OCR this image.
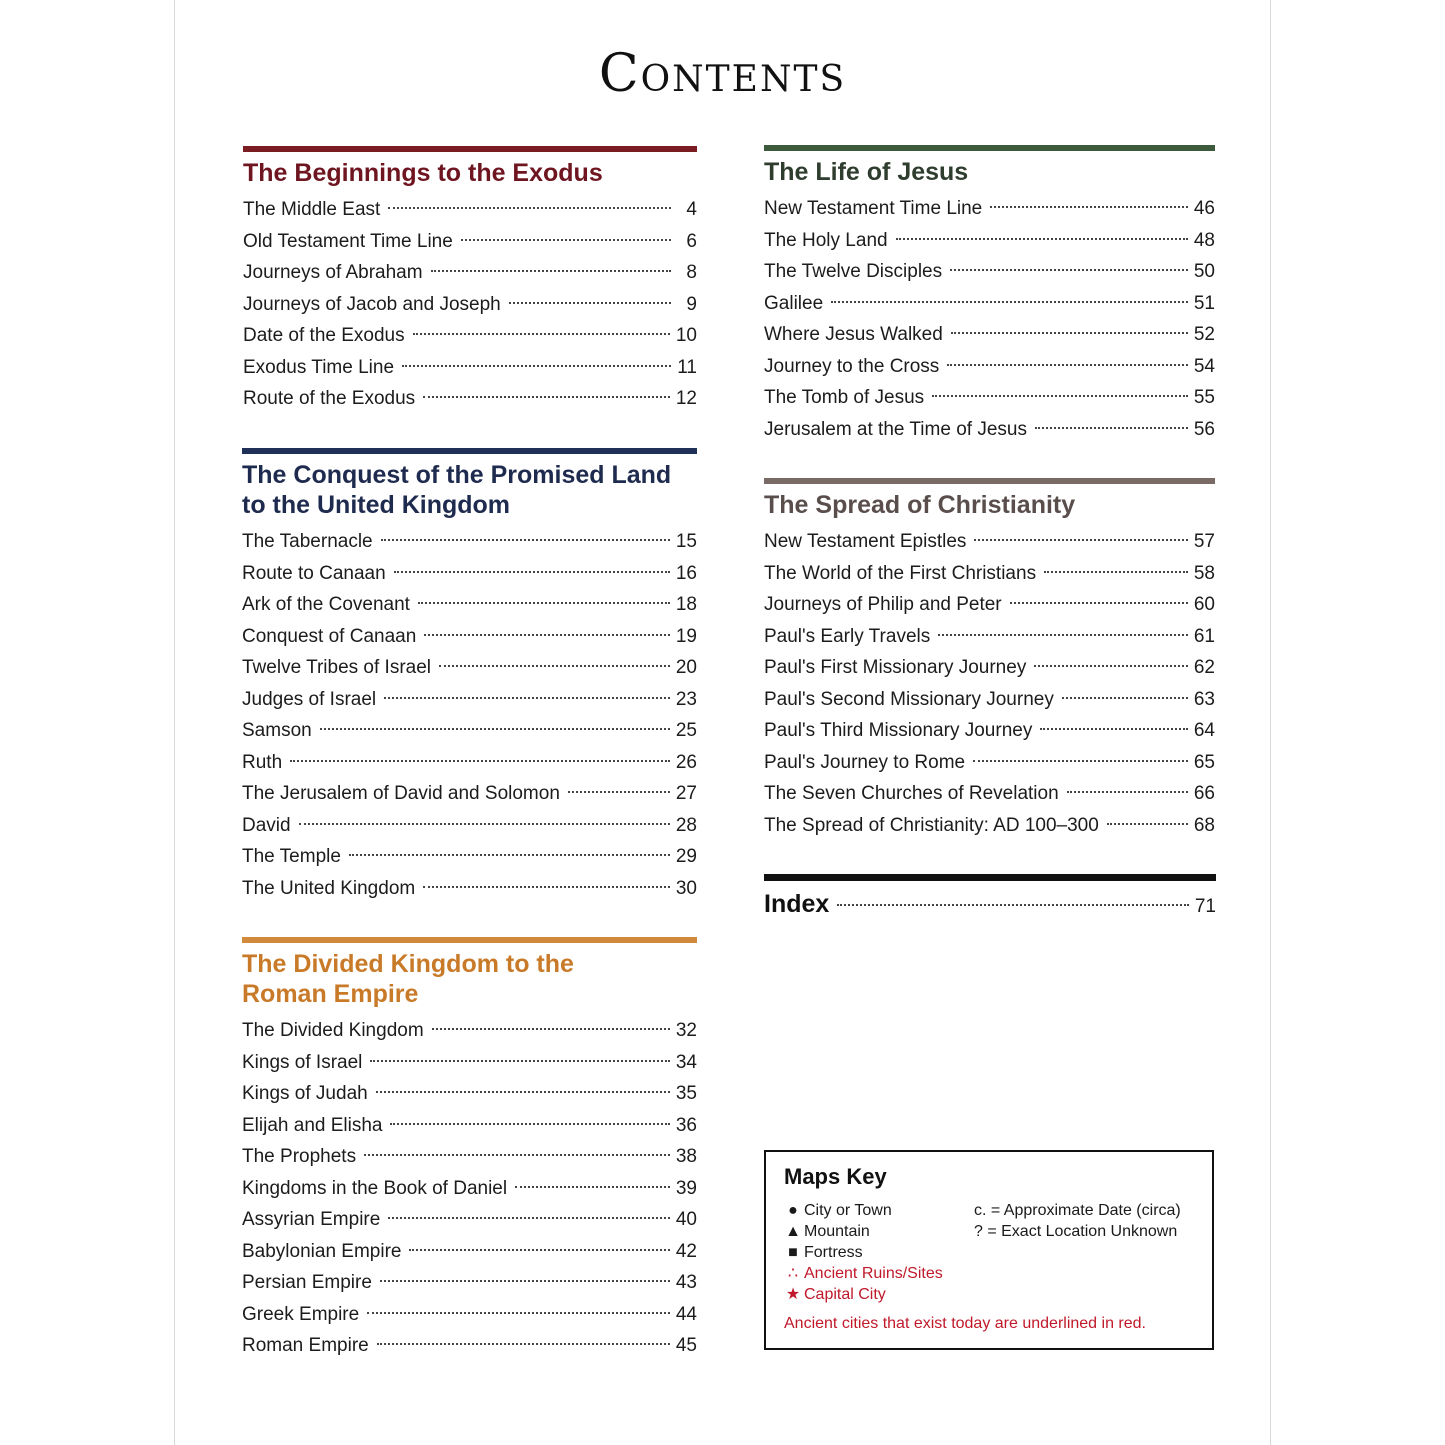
Contents
The Beginnings to the Exodus
The Middle East	4
Old Testament Time Line	6
Journeys of Abraham	8
Journeys of Jacob and Joseph	9
Date of the Exodus	10
Exodus Time Line	11
Route of the Exodus	12
The Conquest of the Promised Land
to the United Kingdom
The Tabernacle	15
Route to Canaan	16
Ark of the Covenant	18
Conquest of Canaan	19
Twelve Tribes of Israel	20
Judges of Israel	23
Samson	25
Ruth	26
The Jerusalem of David and Solomon	27
David	28
The Temple	29
The United Kingdom	30
The Divided Kingdom to the
Roman Empire
The Divided Kingdom	32
Kings of Israel	34
Kings of Judah	35
Elijah and Elisha	36
The Prophets	38
Kingdoms in the Book of Daniel	39
Assyrian Empire	40
Babylonian Empire	42
Persian Empire	43
Greek Empire	44
Roman Empire	45
The Life of Jesus
New Testament Time Line	46
The Holy Land	48
The Twelve Disciples	50
Galilee	51
Where Jesus Walked	52
Journey to the Cross	54
The Tomb of Jesus	55
Jerusalem at the Time of Jesus	56
The Spread of Christianity
New Testament Epistles	57
The World of the First Christians	58
Journeys of Philip and Peter	60
Paul's Early Travels	61
Paul's First Missionary Journey	62
Paul's Second Missionary Journey	63
Paul's Third Missionary Journey	64
Paul's Journey to Rome	65
The Seven Churches of Revelation	66
The Spread of Christianity: AD 100–300	68
Index	71
Maps Key
● City or Town
▲ Mountain
■ Fortress
∴ Ancient Ruins/Sites
★ Capital City
c. = Approximate Date (circa)
? = Exact Location Unknown
Ancient cities that exist today are underlined in red.
